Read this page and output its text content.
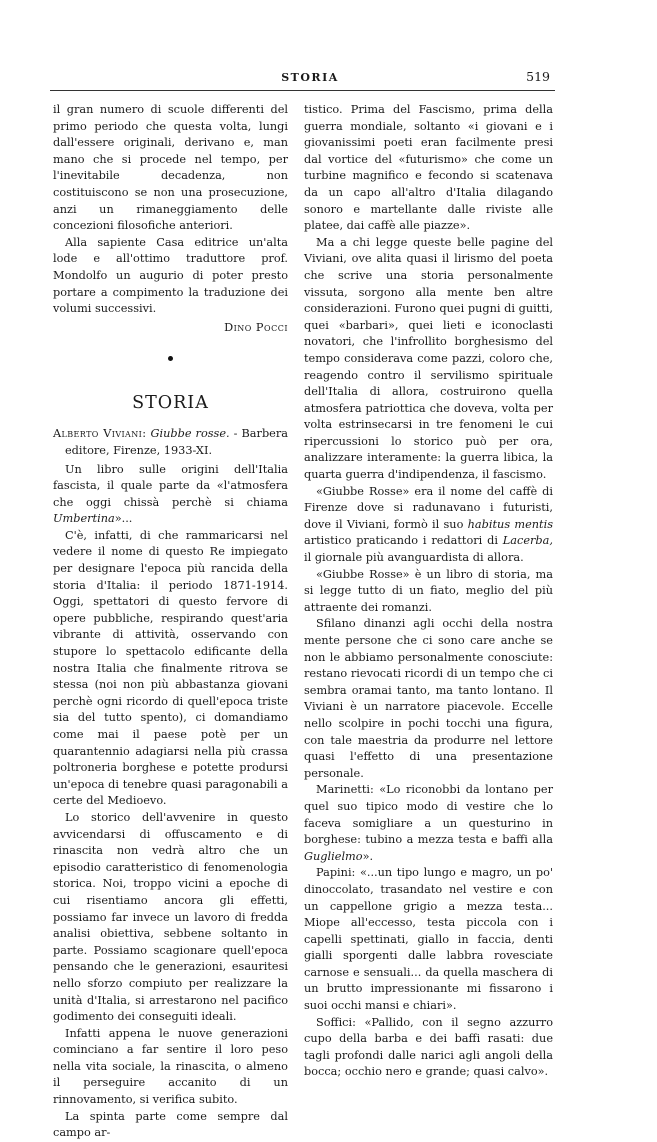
STORIA	519

il gran numero di scuole differenti del primo periodo che questa volta, lungi dall'essere originali, derivano e, man mano che si procede nel tempo, per l'inevitabile decadenza, non costituiscono se non una prosecuzione, anzi un rimaneggiamento delle concezioni filosofiche anteriori.

Alla sapiente Casa editrice un'alta lode e all'ottimo traduttore prof. Mondolfo un augurio di poter presto portare a compimento la traduzione dei volumi successivi.

Dino Pocci

STORIA

Alberto Viviani: Giubbe rosse. - Barbera editore, Firenze, 1933-XI.

Un libro sulle origini dell'Italia fascista, il quale parte da «l'atmosfera che oggi chissà perchè si chiama Umbertina»...

C'è, infatti, di che rammaricarsi nel vedere il nome di questo Re impiegato per designare l'epoca più rancida della storia d'Italia: il periodo 1871-1914. Oggi, spettatori di questo fervore di opere pubbliche, respirando quest'aria vibrante di attività, osservando con stupore lo spettacolo edificante della nostra Italia che finalmente ritrova se stessa (noi non più abbastanza giovani perchè ogni ricordo di quell'epoca triste sia del tutto spento), ci domandiamo come mai il paese potè per un quarantennio adagiarsi nella più crassa poltroneria borghese e potette prodursi un'epoca di tenebre quasi paragonabili a certe del Medioevo.

Lo storico dell'avvenire in questo avvicendarsi di offuscamento e di rinascita non vedrà altro che un episodio caratteristico di fenomenologia storica. Noi, troppo vicini a epoche di cui risentiamo ancora gli effetti, possiamo far invece un lavoro di fredda analisi obiettiva, sebbene soltanto in parte. Possiamo scagionare quell'epoca pensando che le generazioni, esauritesi nello sforzo compiuto per realizzare la unità d'Italia, si arrestarono nel pacifico godimento dei conseguiti ideali.

Infatti appena le nuove generazioni cominciano a far sentire il loro peso nella vita sociale, la rinascita, o almeno il perseguire accanito di un rinnovamento, si verifica subito.

La spinta parte come sempre dal campo ar-

tistico. Prima del Fascismo, prima della guerra mondiale, soltanto «i giovani e i giovanissimi poeti eran facilmente presi dal vortice del «futurismo» che come un turbine magnifico e fecondo si scatenava da un capo all'altro d'Italia dilagando sonoro e martellante dalle riviste alle platee, dai caffè alle piazze».

Ma a chi legge queste belle pagine del Viviani, ove alita quasi il lirismo del poeta che scrive una storia personalmente vissuta, sorgono alla mente ben altre considerazioni. Furono quei pugni di guitti, quei «barbari», quei lieti e iconoclasti novatori, che l'infrollito borghesismo del tempo considerava come pazzi, coloro che, reagendo contro il servilismo spirituale dell'Italia di allora, costruirono quella atmosfera patriottica che doveva, volta per volta estrinsecarsi in tre fenomeni le cui ripercussioni lo storico può per ora, analizzare interamente: la guerra libica, la quarta guerra d'indipendenza, il fascismo.

«Giubbe Rosse» era il nome del caffè di Firenze dove si radunavano i futuristi, dove il Viviani, formò il suo habitus mentis artistico praticando i redattori di Lacerba, il giornale più avanguardista di allora.

«Giubbe Rosse» è un libro di storia, ma si legge tutto di un fiato, meglio del più attraente dei romanzi.

Sfilano dinanzi agli occhi della nostra mente persone che ci sono care anche se non le abbiamo personalmente conosciute: restano rievocati ricordi di un tempo che ci sembra oramai tanto, ma tanto lontano. Il Viviani è un narratore piacevole. Eccelle nello scolpire in pochi tocchi una figura, con tale maestria da produrre nel lettore quasi l'effetto di una presentazione personale.

Marinetti: «Lo riconobbi da lontano per quel suo tipico modo di vestire che lo faceva somigliare a un questurino in borghese: tubino a mezza testa e baffi alla Guglielmo».

Papini: «...un tipo lungo e magro, un po' dinoccolato, trasandato nel vestire e con un cappellone grigio a mezza testa... Miope all'eccesso, testa piccola con i capelli spettinati, giallo in faccia, denti gialli sporgenti dalle labbra rovesciate carnose e sensuali... da quella maschera di un brutto impressionante mi fissarono i suoi occhi mansi e chiari».

Soffici: «Pallido, con il segno azzurro cupo della barba e dei baffi rasati: due tagli profondi dalle narici agli angoli della bocca; occhio nero e grande; quasi calvo».
